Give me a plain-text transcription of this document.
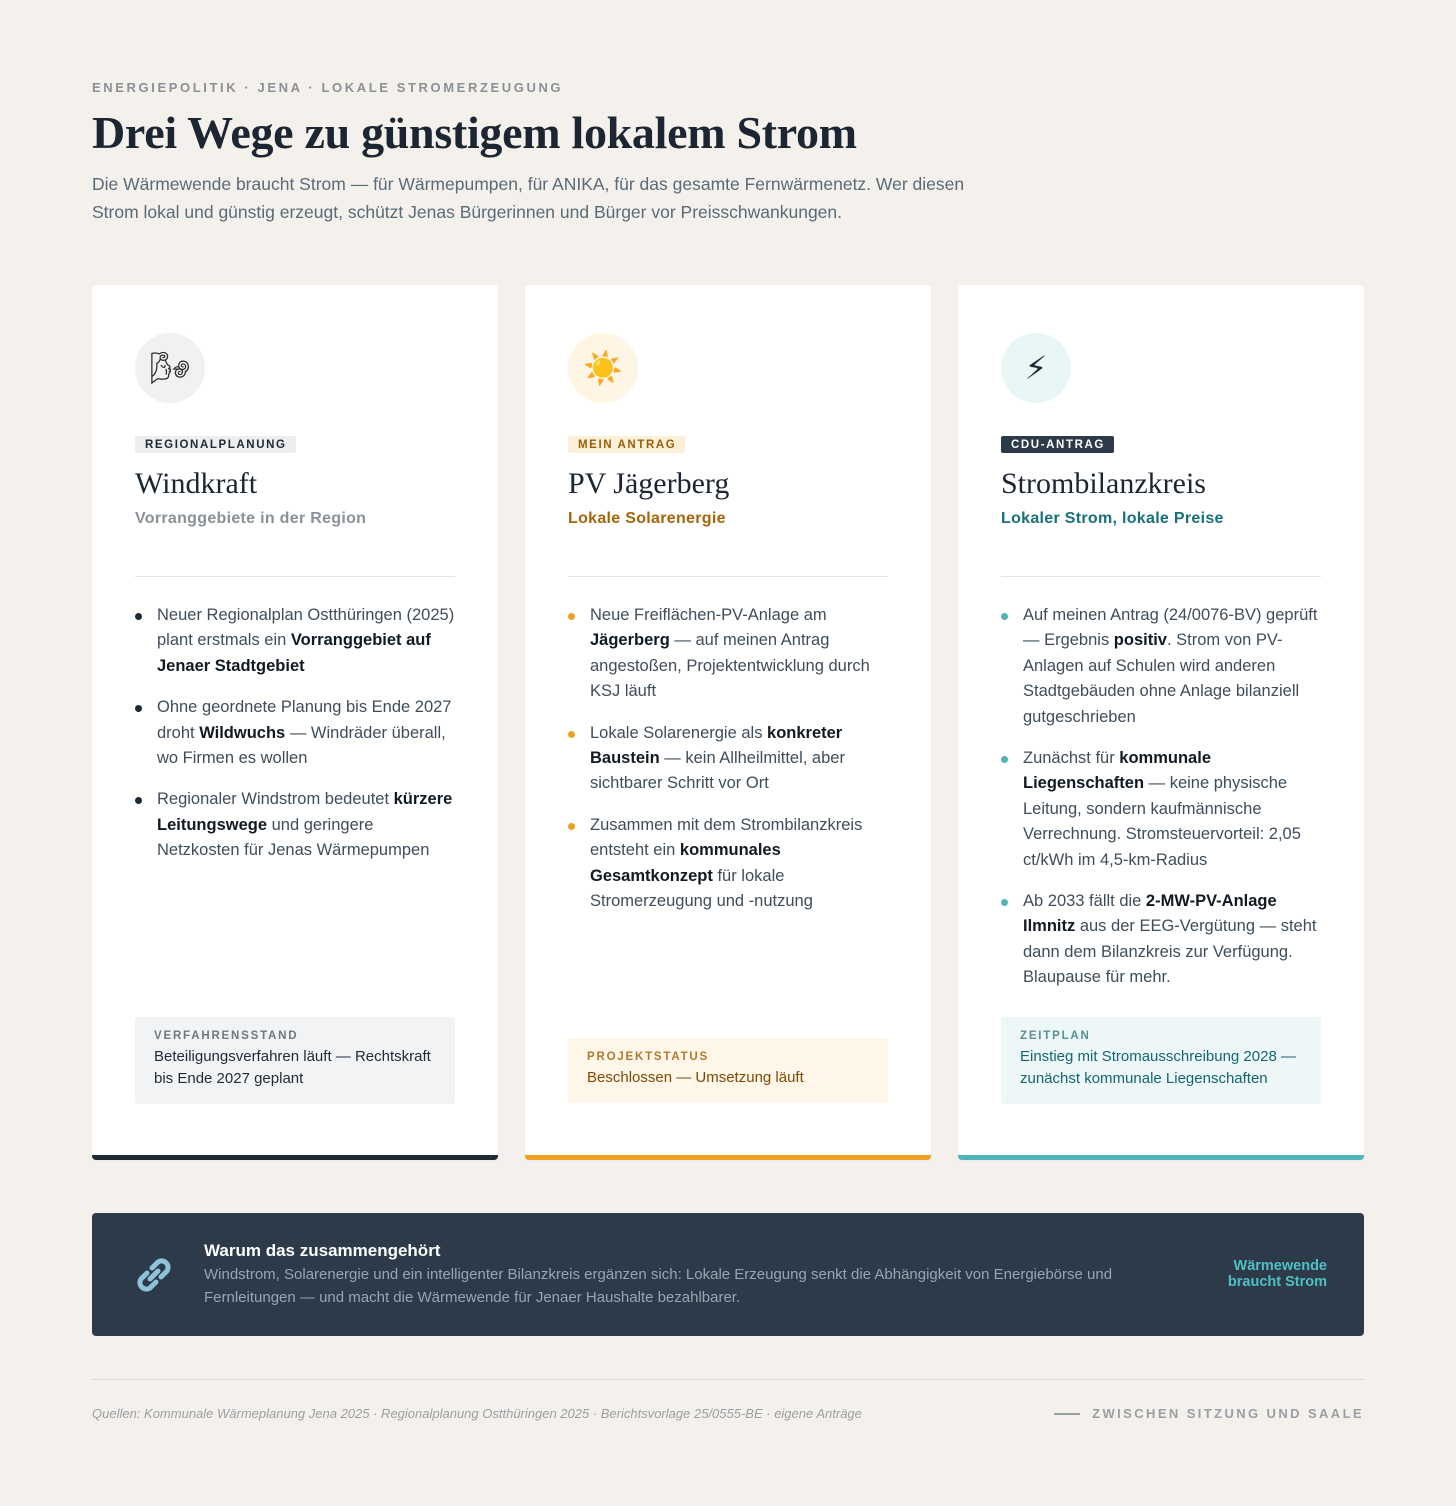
ENERGIEPOLITIK · JENA · LOKALE STROMERZEUGUNG
Drei Wege zu günstigem lokalem Strom

Die Wärmewende braucht Strom — für Wärmepumpen, für ANIKA, für das gesamte Fernwärmenetz. Wer diesen Strom lokal und günstig erzeugt, schützt Jenas Bürgerinnen und Bürger vor Preisschwankungen.

🌬
REGIONALPLANUNG
Windkraft
Vorranggebiete in der Region
Neuer Regionalplan Ostthüringen (2025) plant erstmals ein Vorranggebiet auf Jenaer Stadtgebiet
Ohne geordnete Planung bis Ende 2027 droht Wildwuchs — Windräder überall, wo Firmen es wollen
Regionaler Windstrom bedeutet kürzere Leitungswege und geringere Netzkosten für Jenas Wärmepumpen
VERFAHRENSSTAND
Beteiligungsverfahren läuft — Rechtskraft bis Ende 2027 geplant
☀️
MEIN ANTRAG
PV Jägerberg
Lokale Solarenergie
Neue Freiflächen-PV-Anlage am Jägerberg — auf meinen Antrag angestoßen, Projektentwicklung durch KSJ läuft
Lokale Solarenergie als konkreter Baustein — kein Allheilmittel, aber sichtbarer Schritt vor Ort
Zusammen mit dem Strombilanzkreis entsteht ein kommunales Gesamtkonzept für lokale Stromerzeugung und -nutzung
PROJEKTSTATUS
Beschlossen — Umsetzung läuft
⚡
CDU-ANTRAG
Strombilanzkreis
Lokaler Strom, lokale Preise
Auf meinen Antrag (24/0076-BV) geprüft — Ergebnis positiv. Strom von PV-Anlagen auf Schulen wird anderen Stadtgebäuden ohne Anlage bilanziell gutgeschrieben
Zunächst für kommunale Liegenschaften — keine physische Leitung, sondern kaufmännische Verrechnung. Stromsteuervorteil: 2,05 ct/kWh im 4,5-km-Radius
Ab 2033 fällt die 2-MW-PV-Anlage Ilmnitz aus der EEG-Vergütung — steht dann dem Bilanzkreis zur Verfügung. Blaupause für mehr.
ZEITPLAN
Einstieg mit Stromausschreibung 2028 — zunächst kommunale Liegenschaften
Warum das zusammengehört
Windstrom, Solarenergie und ein intelligenter Bilanzkreis ergänzen sich: Lokale Erzeugung senkt die Abhängigkeit von Energiebörse und Fernleitungen — und macht die Wärmewende für Jenaer Haushalte bezahlbarer.
Wärmewende braucht Strom
Quellen: Kommunale Wärmeplanung Jena 2025 · Regionalplanung Ostthüringen 2025 · Berichtsvorlage 25/0555-BE · eigene Anträge	ZWISCHEN SITZUNG UND SAALE
